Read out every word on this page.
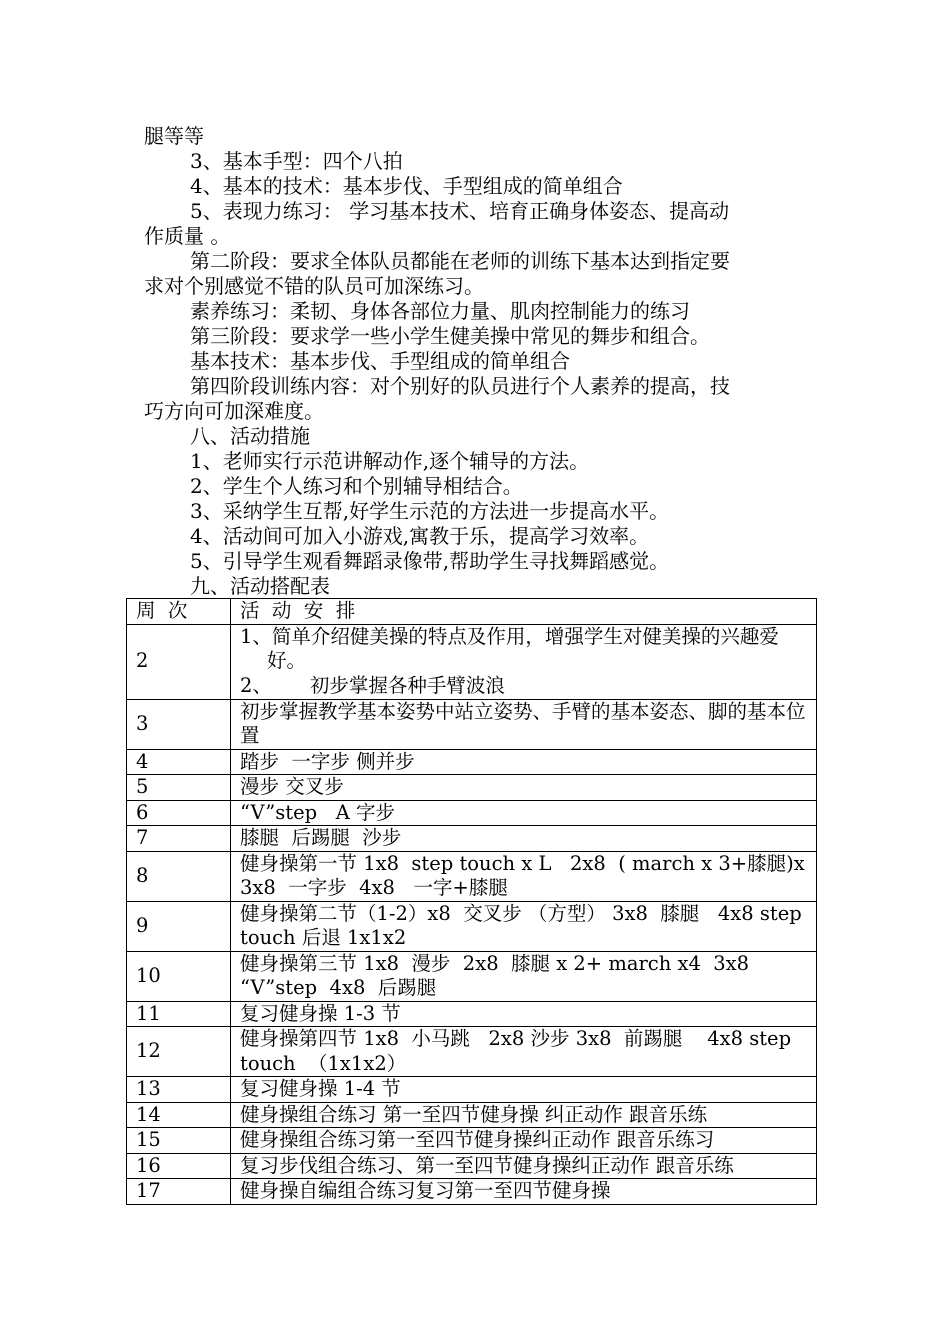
腿等等
3、基本手型：四个八拍
4、基本的技术：基本步伐、手型组成的简单组合
5、表现力练习： 学习基本技术、培育正确身体姿态、提高动
作质量 。
第二阶段：要求全体队员都能在老师的训练下基本达到指定要
求对个别感觉不错的队员可加深练习。
素养练习：柔韧、身体各部位力量、肌肉控制能力的练习
第三阶段：要求学一些小学生健美操中常见的舞步和组合。
基本技术：基本步伐、手型组成的简单组合
第四阶段训练内容：对个别好的队员进行个人素养的提高，技
巧方向可加深难度。
八、活动措施
1、老师实行示范讲解动作,逐个辅导的方法。
2、学生个人练习和个别辅导相结合。
3、采纳学生互帮,好学生示范的方法进一步提高水平。
4、活动间可加入小游戏,寓教于乐，提高学习效率。
5、引导学生观看舞蹈录像带,帮助学生寻找舞蹈感觉。
九、活动搭配表
周  次	活  动  安  排
2	1、简单介绍健美操的特点及作用，增强学生对健美操的兴趣爱
好。
2、 初步掌握各种手臂波浪

3	初步掌握教学基本姿势中站立姿势、手臂的基本姿态、脚的基本位置
4	踏步  一字步 侧并步
5	漫步 交叉步
6	“V”step   A 字步
7	膝腿  后踢腿  沙步
8	健身操第一节 1x8  step touch x L   2x8  ( march x 3+膝腿)x 3x8  一字步  4x8   一字+膝腿
9	健身操第二节（1-2）x8  交叉步 （方型） 3x8  膝腿   4x8 step touch 后退 1x1x2
10	健身操第三节 1x8  漫步  2x8  膝腿 x 2+ march x4  3x8 “V”step  4x8  后踢腿
11	复习健身操 1-3 节
12	健身操第四节 1x8  小马跳   2x8 沙步 3x8  前踢腿    4x8 step touch  （1x1x2）
13	复习健身操 1-4 节
14	健身操组合练习 第一至四节健身操 纠正动作 跟音乐练
15	健身操组合练习第一至四节健身操纠正动作 跟音乐练习
16	复习步伐组合练习、第一至四节健身操纠正动作 跟音乐练
17	健身操自编组合练习复习第一至四节健身操
